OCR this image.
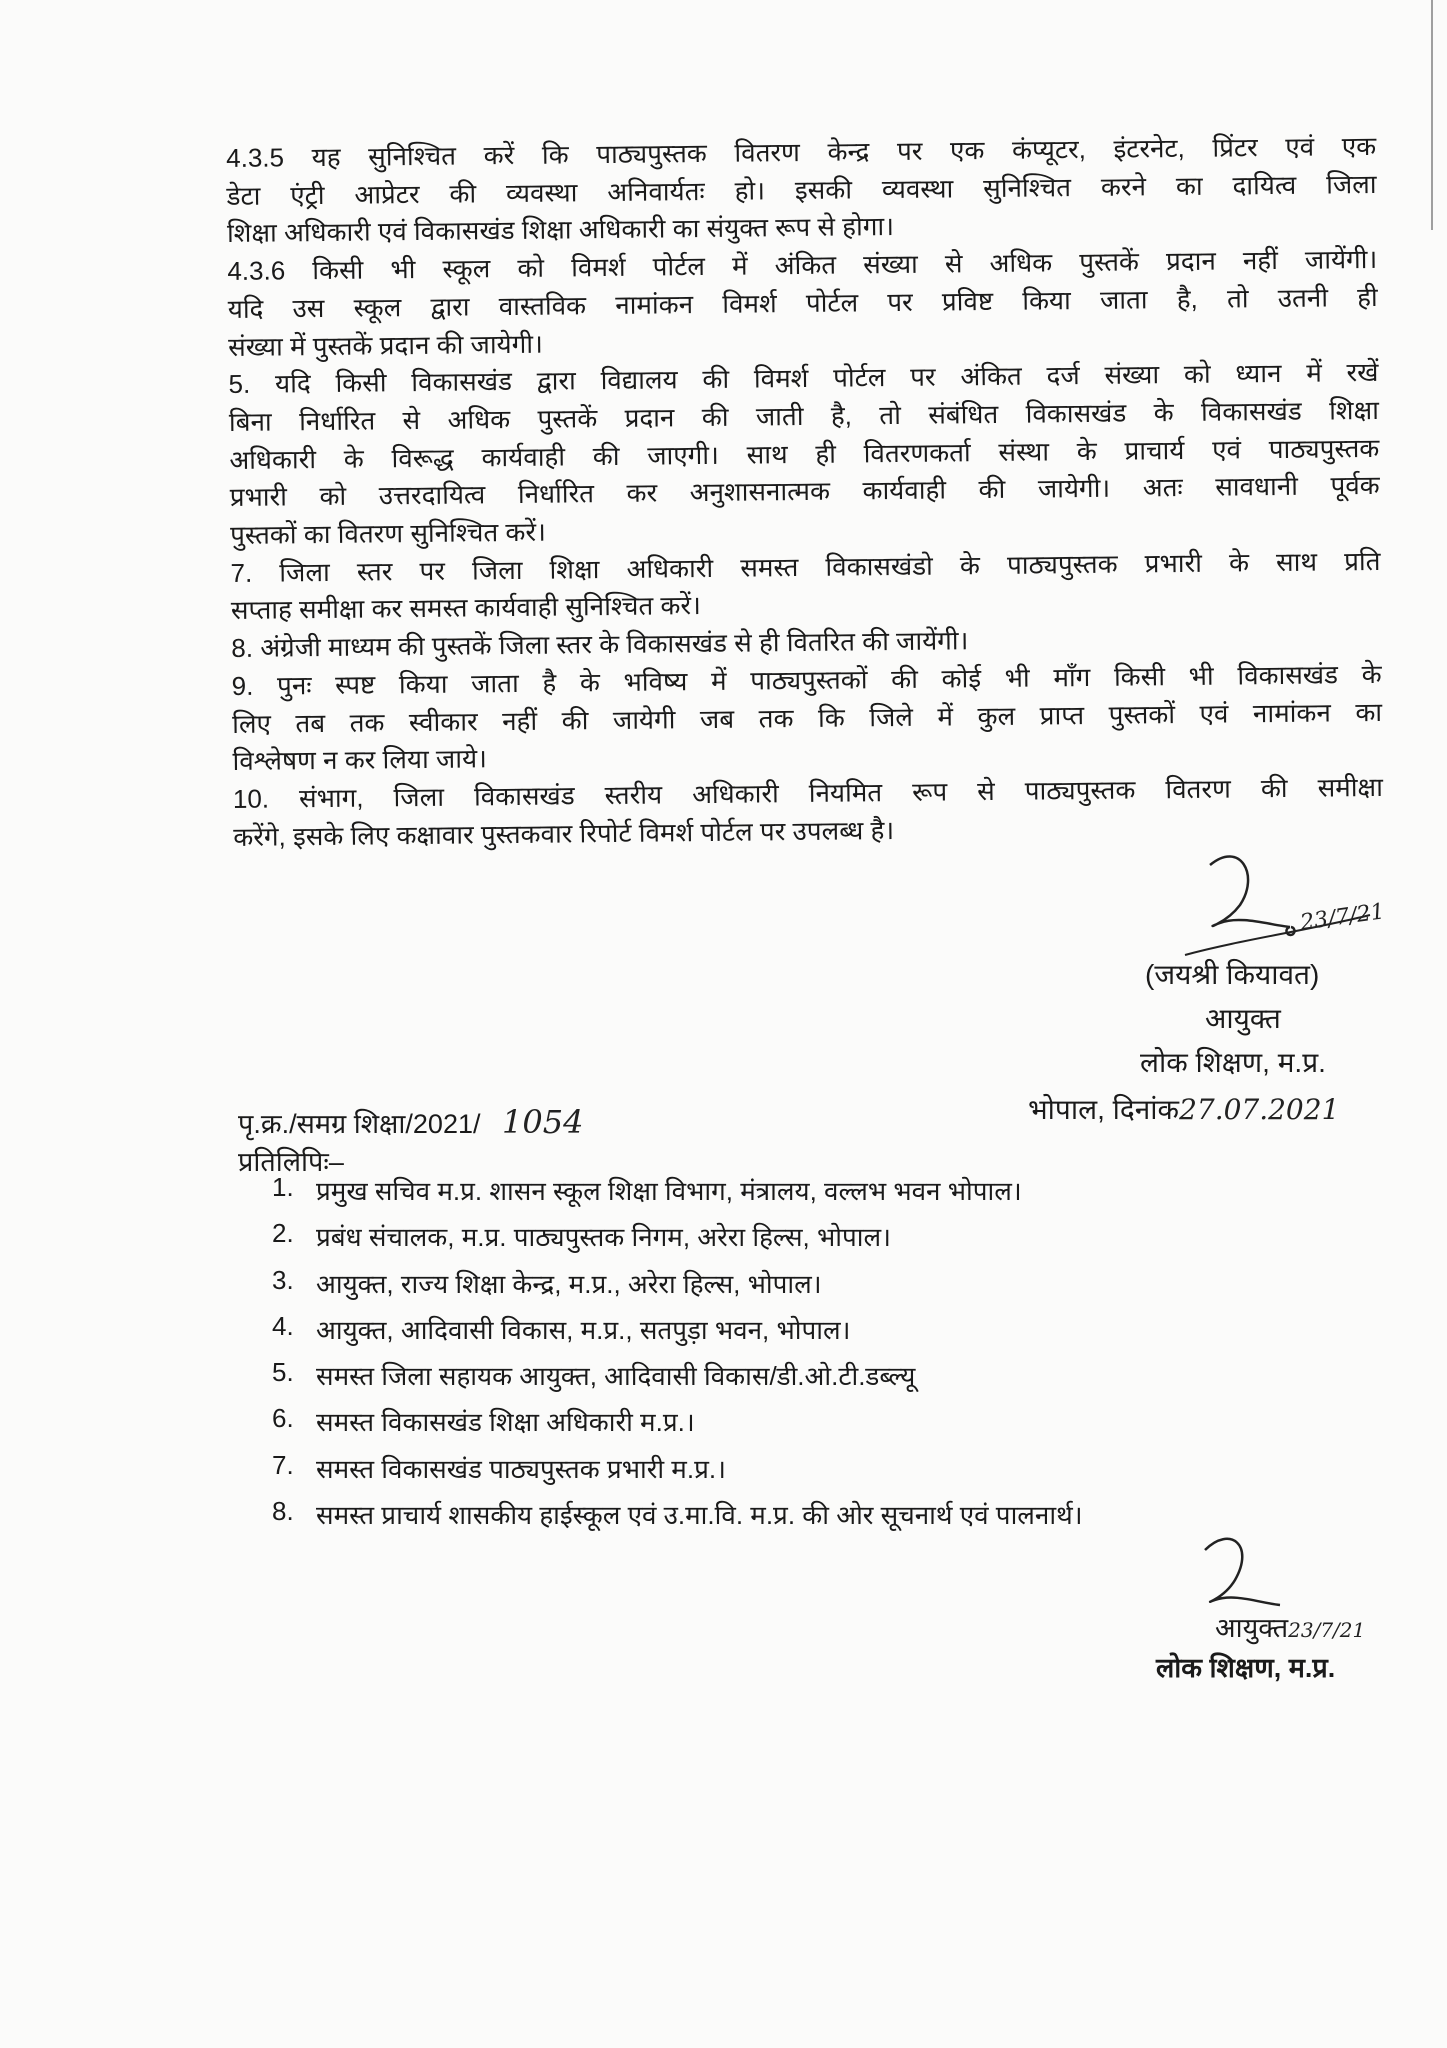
4.3.5 यह सुनिश्चित करें कि पाठ्यपुस्तक वितरण केन्द्र पर एक कंप्यूटर, इंटरनेट, प्रिंटर एवं एक
डेटा एंट्री आप्रेटर की व्यवस्था अनिवार्यतः हो। इसकी व्यवस्था सुनिश्चित करने का दायित्व जिला
शिक्षा अधिकारी एवं विकासखंड शिक्षा अधिकारी का संयुक्त रूप से होगा।
4.3.6 किसी भी स्कूल को विमर्श पोर्टल में अंकित संख्या से अधिक पुस्तकें प्रदान नहीं जायेंगी।
यदि उस स्कूल द्वारा वास्तविक नामांकन विमर्श पोर्टल पर प्रविष्ट किया जाता है, तो उतनी ही
संख्या में पुस्तकें प्रदान की जायेगी।
5. यदि किसी विकासखंड द्वारा विद्यालय की विमर्श पोर्टल पर अंकित दर्ज संख्या को ध्यान में रखें
बिना निर्धारित से अधिक पुस्तकें प्रदान की जाती है, तो संबंधित विकासखंड के विकासखंड शिक्षा
अधिकारी के विरूद्ध कार्यवाही की जाएगी। साथ ही वितरणकर्ता संस्था के प्राचार्य एवं पाठ्यपुस्तक
प्रभारी को उत्तरदायित्व निर्धारित कर अनुशासनात्मक कार्यवाही की जायेगी। अतः सावधानी पूर्वक
पुस्तकों का वितरण सुनिश्चित करें।
7. जिला स्तर पर जिला शिक्षा अधिकारी समस्त विकासखंडो के पाठ्यपुस्तक प्रभारी के साथ प्रति
सप्ताह समीक्षा कर समस्त कार्यवाही सुनिश्चित करें।
8. अंग्रेजी माध्यम की पुस्तकें जिला स्तर के विकासखंड से ही वितरित की जायेंगी।
9. पुनः स्पष्ट किया जाता है के भविष्य में पाठ्यपुस्तकों की कोई भी माँग किसी भी विकासखंड के
लिए तब तक स्वीकार नहीं की जायेगी जब तक कि जिले में कुल प्राप्त पुस्तकों एवं नामांकन का
विश्लेषण न कर लिया जाये।
10. संभाग, जिला विकासखंड स्तरीय अधिकारी नियमित रूप से पाठ्यपुस्तक वितरण की समीक्षा
करेंगे, इसके लिए कक्षावार पुस्तकवार रिपोर्ट विमर्श पोर्टल पर उपलब्ध है।
23/7/21
(जयश्री कियावत)
आयुक्त
लोक शिक्षण, म.प्र.
भोपाल, दिनांक27.07.2021
पृ.क्र./समग्र शिक्षा/2021/ 1054
प्रतिलिपिः–
1. प्रमुख सचिव म.प्र. शासन स्कूल शिक्षा विभाग, मंत्रालय, वल्लभ भवन भोपाल।
2. प्रबंध संचालक, म.प्र. पाठ्यपुस्तक निगम, अरेरा हिल्स, भोपाल।
3. आयुक्त, राज्य शिक्षा केन्द्र, म.प्र., अरेरा हिल्स, भोपाल।
4. आयुक्त, आदिवासी विकास, म.प्र., सतपुड़ा भवन, भोपाल।
5. समस्त जिला सहायक आयुक्त, आदिवासी विकास/डी.ओ.टी.डब्ल्यू
6. समस्त विकासखंड शिक्षा अधिकारी म.प्र.।
7. समस्त विकासखंड पाठ्यपुस्तक प्रभारी म.प्र.।
8. समस्त प्राचार्य शासकीय हाईस्कूल एवं उ.मा.वि. म.प्र. की ओर सूचनार्थ एवं पालनार्थ।
आयुक्त23/7/21
लोक शिक्षण, म.प्र.
